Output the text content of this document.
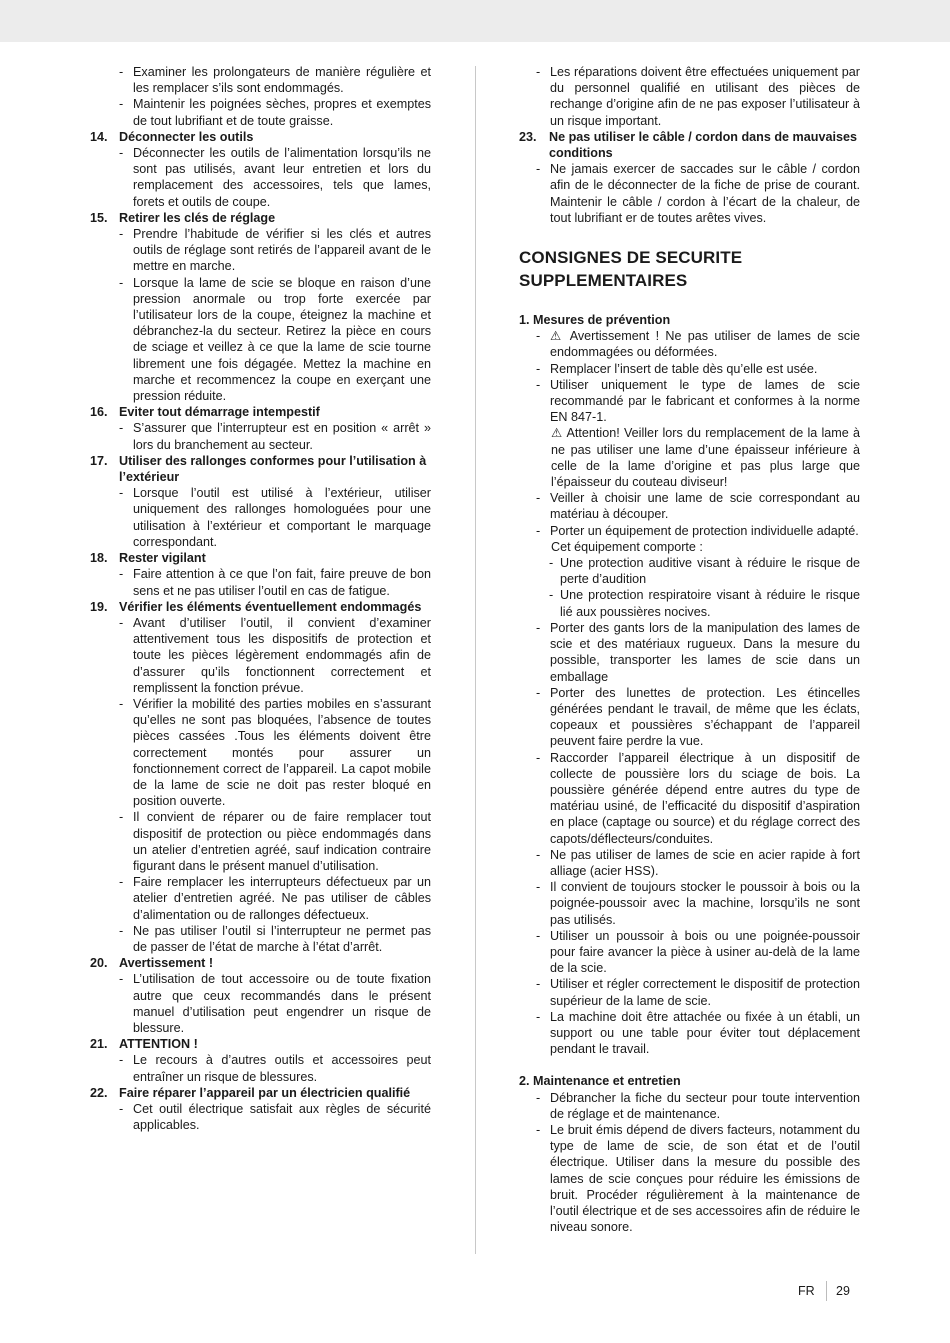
- Examiner les prolongateurs de manière régulière et les remplacer s’ils sont endommagés.
- Maintenir les poignées sèches, propres et exemptes de tout lubrifiant et de toute graisse.
14. Déconnecter les outils
- Déconnecter les outils de l’alimentation lorsqu’ils ne sont pas utilisés, avant leur entretien et lors du remplacement des accessoires, tels que lames, forets et outils de coupe.
15. Retirer les clés de réglage
- Prendre l’habitude de vérifier si les clés et autres outils de réglage sont retirés de l’appareil avant de le mettre en marche.
- Lorsque la lame de scie se bloque en raison d’une pression anormale ou trop forte exercée par l’utilisateur lors de la coupe, éteignez la machine et débranchez-la du secteur. Retirez la pièce en cours de sciage et veillez à ce que la lame de scie tourne librement une fois dégagée. Mettez la machine en marche et recommencez la coupe en exerçant une pression réduite.
16. Eviter tout démarrage intempestif
- S’assurer que l’interrupteur est en position « arrêt » lors du branchement au secteur.
17. Utiliser des rallonges conformes pour l’utilisation à l’extérieur
- Lorsque l’outil est utilisé à l’extérieur, utiliser uniquement des rallonges homologuées pour une utilisation à l’extérieur et comportant le marquage correspondant.
18. Rester vigilant
- Faire attention à ce que l’on fait, faire preuve de bon sens et ne pas utiliser l’outil en cas de fatigue.
19. Vérifier les éléments éventuellement endommagés
- Avant d’utiliser l’outil, il convient d’examiner attentivement tous les dispositifs de protection et toute les pièces légèrement endommagés afin de d’assurer qu’ils fonctionnent correctement et remplissent la fonction prévue.
- Vérifier la mobilité des parties mobiles en s’assurant qu’elles ne sont pas bloquées, l’absence de toutes pièces cassées .Tous les éléments doivent être correctement montés pour assurer un fonctionnement correct de l’appareil. La capot mobile de la lame de scie ne doit pas rester bloqué en position ouverte.
- Il convient de réparer ou de faire remplacer tout dispositif de protection ou pièce endommagés dans un atelier d’entretien agréé, sauf indication contraire figurant dans le présent manuel d’utilisation.
- Faire remplacer les interrupteurs défectueux par un atelier d’entretien agréé. Ne pas utiliser de câbles d’alimentation ou de rallonges défectueux.
- Ne pas utiliser l’outil si l’interrupteur ne permet pas de passer de l’état de marche à l’état d’arrêt.
20. Avertissement !
- L’utilisation de tout accessoire ou de toute fixation autre que ceux recommandés dans le présent manuel d’utilisation peut engendrer un risque de blessure.
21. ATTENTION !
- Le recours à d’autres outils et accessoires peut entraîner un risque de blessures.
22. Faire réparer l’appareil par un électricien qualifié
- Cet outil électrique satisfait aux règles de sécurité applicables.
- Les réparations doivent être effectuées uniquement par du personnel qualifié en utilisant des pièces de rechange d’origine afin de ne pas exposer l’utilisateur à un risque important.
23. Ne pas utiliser le câble / cordon dans de mauvaises conditions
- Ne jamais exercer de saccades sur le câble / cordon afin de le déconnecter de la fiche de prise de courant. Maintenir le câble / cordon à l’écart de la chaleur, de tout lubrifiant er de toutes arêtes vives.
CONSIGNES DE SECURITE SUPPLEMENTAIRES
1. Mesures de prévention
- ⚠ Avertissement ! Ne pas utiliser de lames de scie endommagées ou déformées.
- Remplacer l’insert de table dès qu’elle est usée.
- Utiliser uniquement le type de lames de scie recommandé par le fabricant et conformes à la norme EN 847-1.
⚠ Attention! Veiller lors du remplacement de la lame à ne pas utiliser une lame d’une épaisseur inférieure à celle de la lame d’origine et pas plus large que l’épaisseur du couteau diviseur!
- Veiller à choisir une lame de scie correspondant au matériau à découper.
- Porter un équipement de protection individuelle adapté.
Cet équipement comporte :
- Une protection auditive visant à réduire le risque de perte d’audition
- Une protection respiratoire visant à réduire le risque lié aux poussières nocives.
- Porter des gants lors de la manipulation des lames de scie et des matériaux rugueux. Dans la mesure du possible, transporter les lames de scie dans un emballage
- Porter des lunettes de protection. Les étincelles générées pendant le travail, de même que les éclats, copeaux et poussières s’échappant de l’appareil peuvent faire perdre la vue.
- Raccorder l’appareil électrique à un dispositif de collecte de poussière lors du sciage de bois. La poussière générée dépend entre autres du type de matériau usiné, de l’efficacité du dispositif d’aspiration en place (captage ou source) et du réglage correct des capots/déflecteurs/conduites.
- Ne pas utiliser de lames de scie en acier rapide à fort alliage (acier HSS).
- Il convient de toujours stocker le poussoir à bois ou la poignée-poussoir avec la machine, lorsqu’ils ne sont pas utilisés.
- Utiliser un poussoir à bois ou une poignée-poussoir pour faire avancer la pièce à usiner au-delà de la lame de la scie.
- Utiliser et régler correctement le dispositif de protection supérieur de la lame de scie.
- La machine doit être attachée ou fixée à un établi, un support ou une table pour éviter tout déplacement pendant le travail.
2. Maintenance et entretien
- Débrancher la fiche du secteur pour toute intervention de réglage et de maintenance.
- Le bruit émis dépend de divers facteurs, notamment du type de lame de scie, de son état et de l’outil électrique. Utiliser dans la mesure du possible des lames de scie conçues pour réduire les émissions de bruit. Procéder régulièrement à la maintenance de l’outil électrique et de ses accessoires afin de réduire le niveau sonore.
FR 29
